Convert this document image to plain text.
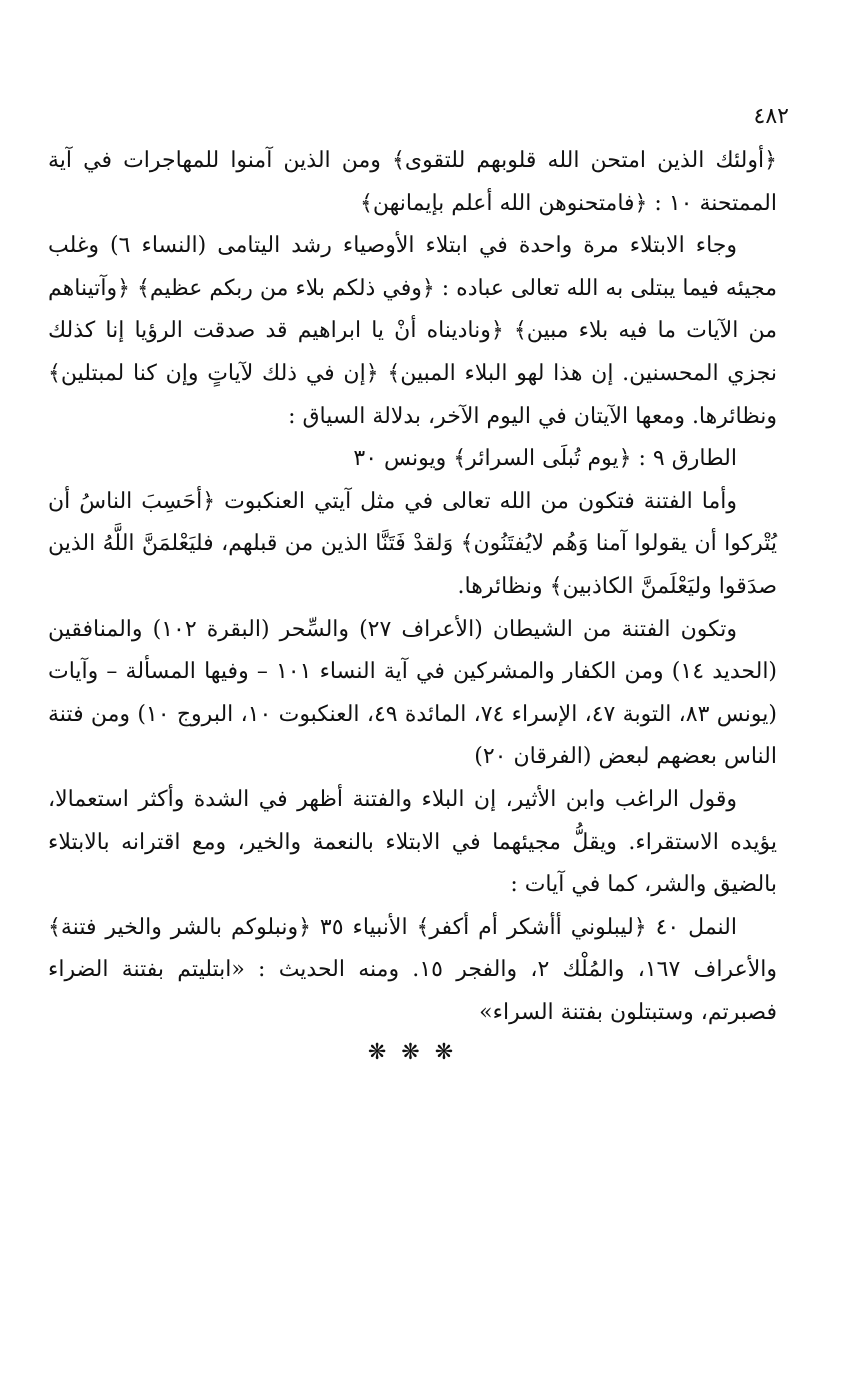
٤٨٢

﴿أولئك الذين امتحن الله قلوبهم للتقوى﴾ ومن الذين آمنوا للمهاجرات في آية الممتحنة ١٠ : ﴿فامتحنوهن الله أعلم بإيمانهن﴾

وجاء الابتلاء مرة واحدة في ابتلاء الأوصياء رشد اليتامى (النساء ٦) وغلب مجيئه فيما يبتلى به الله تعالى عباده : ﴿وفي ذلكم بلاء من ربكم عظيم﴾ ﴿وآتيناهم من الآيات ما فيه بلاء مبين﴾ ﴿وناديناه أنْ يا ابراهيم قد صدقت الرؤيا إنا كذلك نجزي المحسنين. إن هذا لهو البلاء المبين﴾ ﴿إن في ذلك لآياتٍ وإن كنا لمبتلين﴾ ونظائرها. ومعها الآيتان في اليوم الآخر، بدلالة السياق :

الطارق ٩ : ﴿يوم تُبلَى السرائر﴾ ويونس ٣٠

وأما الفتنة فتكون من الله تعالى في مثل آيتي العنكبوت ﴿أحَسِبَ الناسُ أن يُتْركوا أن يقولوا آمنا وَهُم لايُفتَنُون﴾ وَلقدْ فَتَنَّا الذين من قبلهم، فليَعْلمَنَّ اللَّهُ الذين صدَقوا وليَعْلَمنَّ الكاذبين﴾ ونظائرها.

وتكون الفتنة من الشيطان (الأعراف ٢٧) والسِّحر (البقرة ١٠٢) والمنافقين (الحديد ١٤) ومن الكفار والمشركين في آية النساء ١٠١ – وفيها المسألة – وآيات (يونس ٨٣، التوبة ٤٧، الإسراء ٧٤، المائدة ٤٩، العنكبوت ١٠، البروج ١٠) ومن فتنة الناس بعضهم لبعض (الفرقان ٢٠)

وقول الراغب وابن الأثير، إن البلاء والفتنة أظهر في الشدة وأكثر استعمالا، يؤيده الاستقراء. ويقلُّ مجيئهما في الابتلاء بالنعمة والخير، ومع اقترانه بالابتلاء بالضيق والشر، كما في آيات :

النمل ٤٠ ﴿ليبلوني أأشكر أم أكفر﴾ الأنبياء ٣٥ ﴿ونبلوكم بالشر والخير فتنة﴾ والأعراف ١٦٧، والمُلْك ٢، والفجر ١٥. ومنه الحديث : «ابتليتم بفتنة الضراء فصبرتم، وستبتلون بفتنة السراء»

❋ ❋ ❋
